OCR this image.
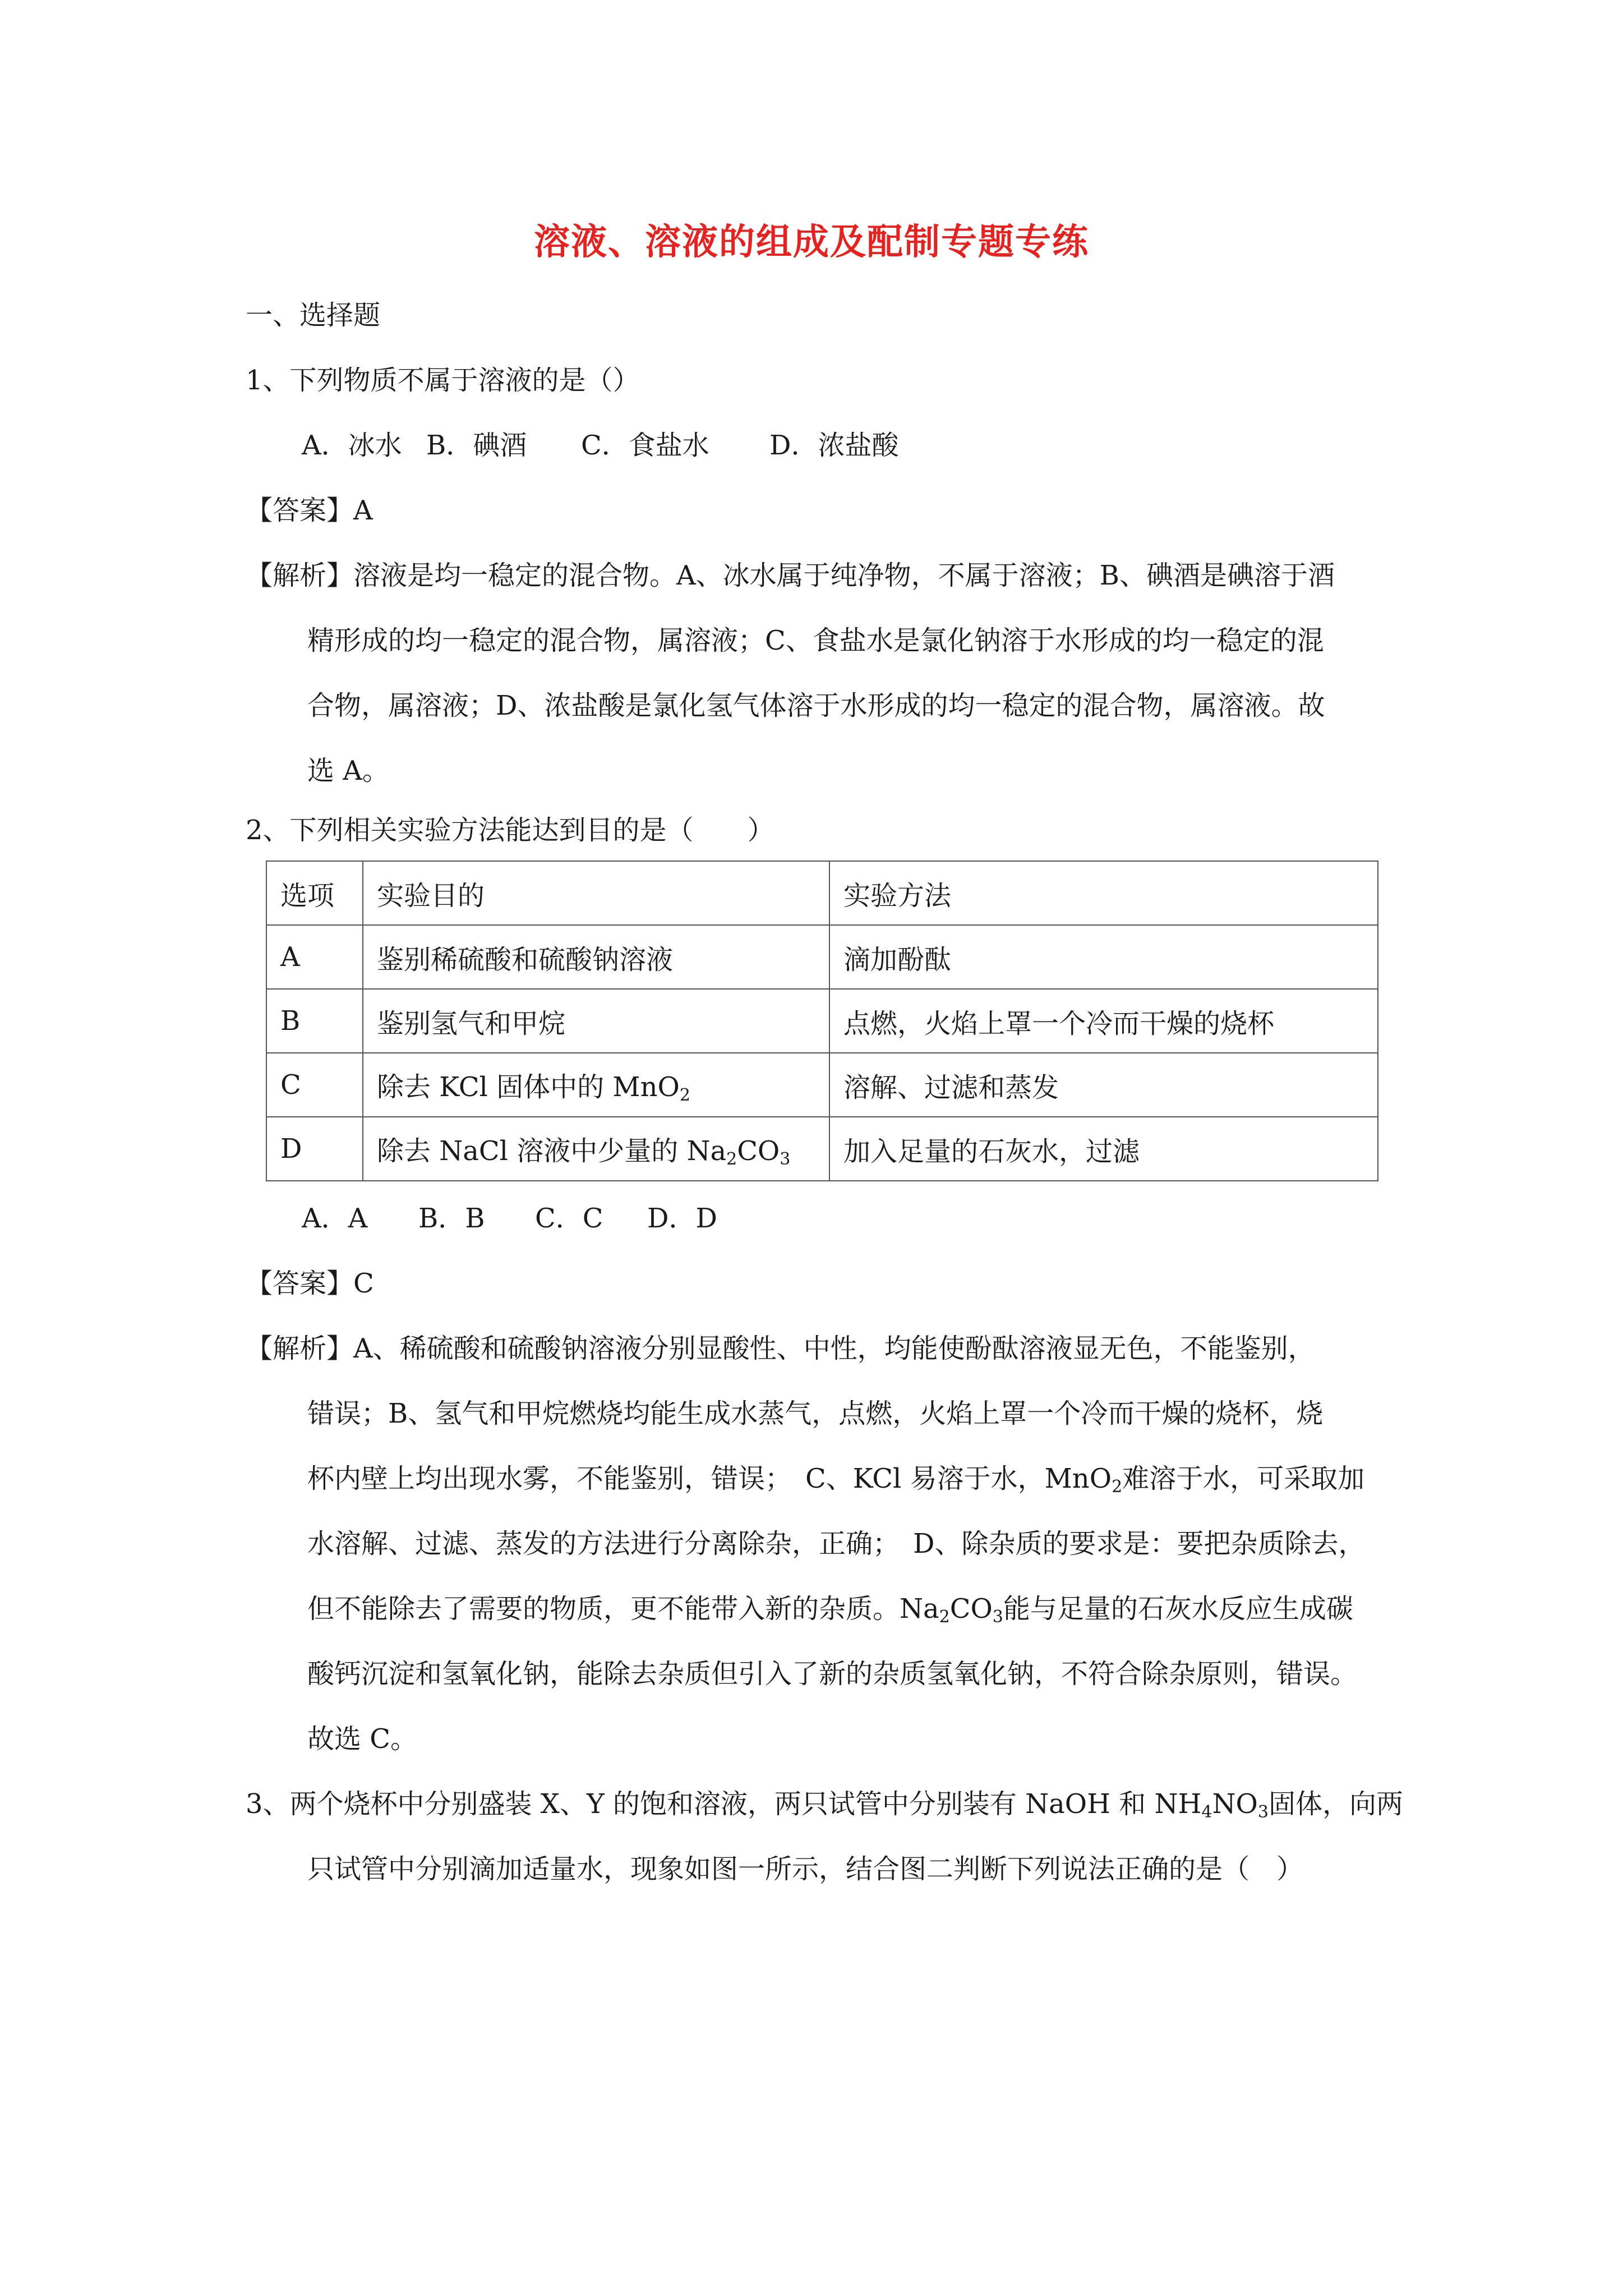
溶液、溶液的组成及配制专题专练
一、选择题
1、下列物质不属于溶液的是（）
A．冰水 B．碘酒 C．食盐水 D．浓盐酸
【答案】A
【解析】溶液是均一稳定的混合物。A、冰水属于纯净物，不属于溶液；B、碘酒是碘溶于酒
精形成的均一稳定的混合物，属溶液；C、食盐水是氯化钠溶于水形成的均一稳定的混
合物，属溶液；D、浓盐酸是氯化氢气体溶于水形成的均一稳定的混合物，属溶液。故
选 A。
2、下列相关实验方法能达到目的是（　　）
选项	实验目的	实验方法
A	鉴别稀硫酸和硫酸钠溶液	滴加酚酞
B	鉴别氢气和甲烷	点燃，火焰上罩一个冷而干燥的烧杯
C	除去 KCl 固体中的 MnO$_2$	溶解、过滤和蒸发
D	除去 NaCl 溶液中少量的 $Na_2CO_3$	加入足量的石灰水，过滤
A．A B．B C．C D．D
【答案】C
【解析】A、稀硫酸和硫酸钠溶液分别显酸性、中性，均能使酚酞溶液显无色，不能鉴别，
错误；B、氢气和甲烷燃烧均能生成水蒸气，点燃，火焰上罩一个冷而干燥的烧杯，烧
杯内壁上均出现水雾，不能鉴别，错误；　C、KCl 易溶于水，MnO$_2$难溶于水，可采取加
水溶解、过滤、蒸发的方法进行分离除杂，正确；　D、除杂质的要求是：要把杂质除去，
但不能除去了需要的物质，更不能带入新的杂质。$Na_2CO_3$能与足量的石灰水反应生成碳
酸钙沉淀和氢氧化钠，能除去杂质但引入了新的杂质氢氧化钠，不符合除杂原则，错误。
故选 C。
3、两个烧杯中分别盛装 X、Y 的饱和溶液，两只试管中分别装有 NaOH 和 $NH_4NO_3$固体，向两
只试管中分别滴加适量水，现象如图一所示，结合图二判断下列说法正确的是（　）
